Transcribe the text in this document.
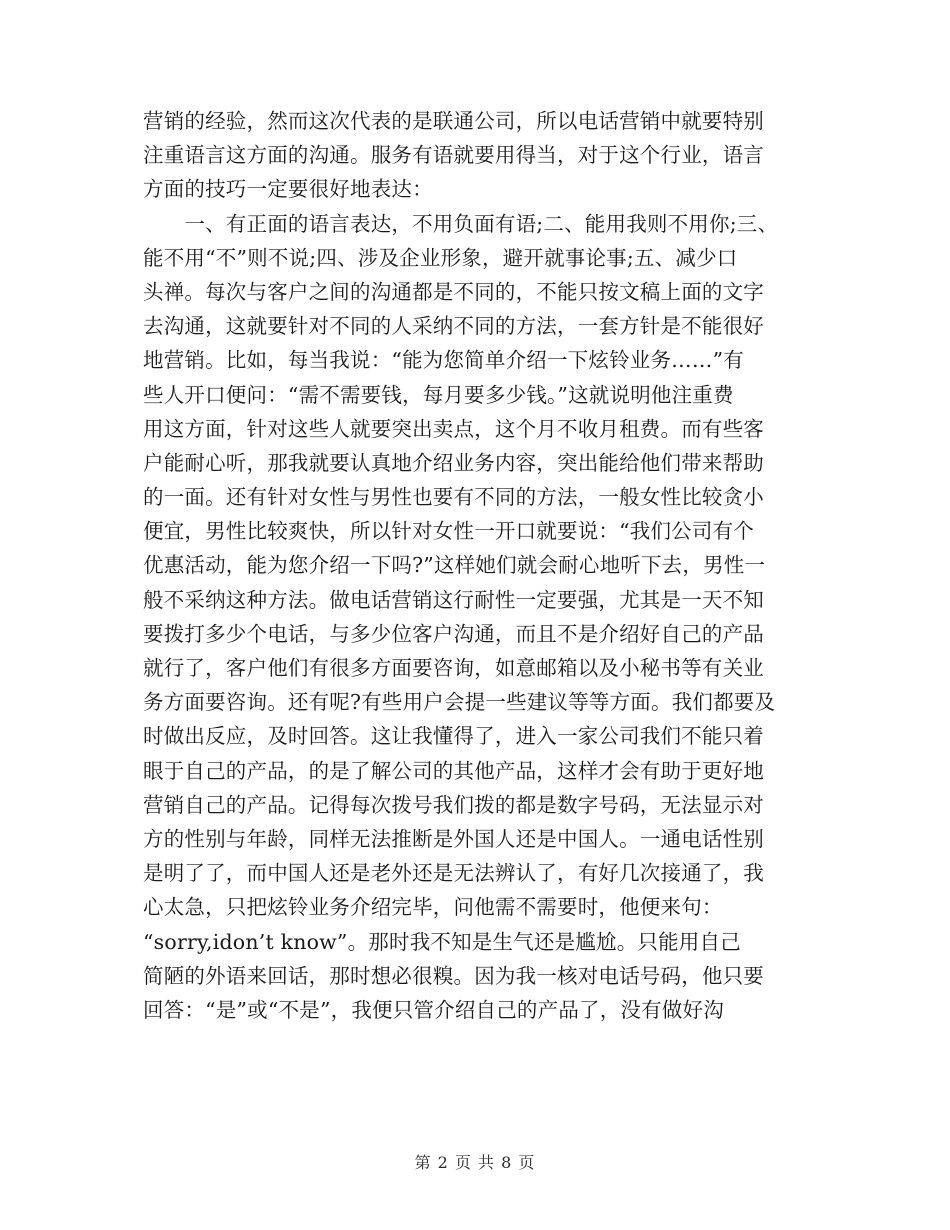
营销的经验，然而这次代表的是联通公司，所以电话营销中就要特别
注重语言这方面的沟通。服务有语就要用得当，对于这个行业，语言
方面的技巧一定要很好地表达：
　　一、有正面的语言表达，不用负面有语;二、能用我则不用你;三、
能不用“不”则不说;四、涉及企业形象，避开就事论事;五、减少口
头禅。每次与客户之间的沟通都是不同的，不能只按文稿上面的文字
去沟通，这就要针对不同的人采纳不同的方法，一套方针是不能很好
地营销。比如，每当我说：“能为您简单介绍一下炫铃业务……”有
些人开口便问：“需不需要钱，每月要多少钱。”这就说明他注重费
用这方面，针对这些人就要突出卖点，这个月不收月租费。而有些客
户能耐心听，那我就要认真地介绍业务内容，突出能给他们带来帮助
的一面。还有针对女性与男性也要有不同的方法，一般女性比较贪小
便宜，男性比较爽快，所以针对女性一开口就要说：“我们公司有个
优惠活动，能为您介绍一下吗?”这样她们就会耐心地听下去，男性一
般不采纳这种方法。做电话营销这行耐性一定要强，尤其是一天不知
要拨打多少个电话，与多少位客户沟通，而且不是介绍好自己的产品
就行了，客户他们有很多方面要咨询，如意邮箱以及小秘书等有关业
务方面要咨询。还有呢?有些用户会提一些建议等等方面。我们都要及
时做出反应，及时回答。这让我懂得了，进入一家公司我们不能只着
眼于自己的产品，的是了解公司的其他产品，这样才会有助于更好地
营销自己的产品。记得每次拨号我们拨的都是数字号码，无法显示对
方的性别与年龄，同样无法推断是外国人还是中国人。一通电话性别
是明了了，而中国人还是老外还是无法辨认了，有好几次接通了，我
心太急，只把炫铃业务介绍完毕，问他需不需要时，他便来句：
“sorry,idon’t know”。那时我不知是生气还是尴尬。只能用自己
简陋的外语来回话，那时想必很糗。因为我一核对电话号码，他只要
回答：“是”或“不是”，我便只管介绍自己的产品了，没有做好沟
第 2 页 共 8 页
